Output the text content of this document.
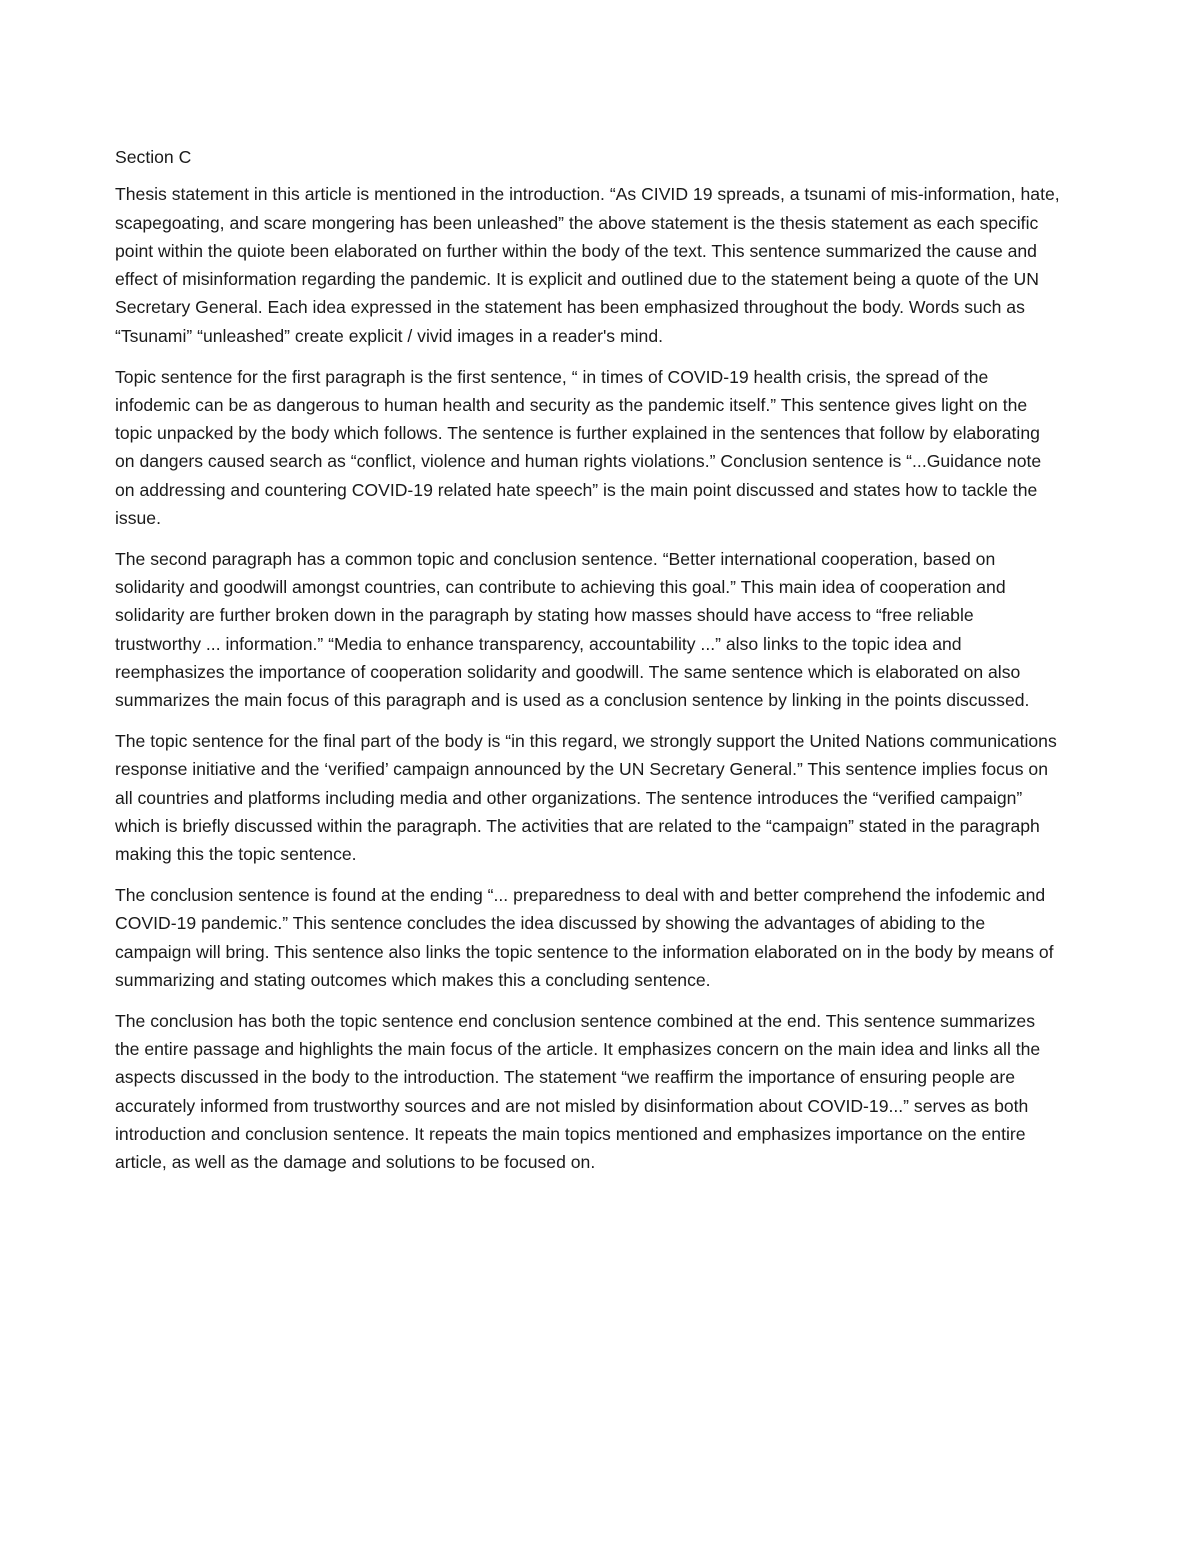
Section C

Thesis statement in this article is mentioned in the introduction. “As CIVID 19 spreads, a tsunami of mis-information, hate, scapegoating, and scare mongering has been unleashed” the above statement is the thesis statement as each specific point within the quiote been elaborated on further within the body of the text. This sentence summarized the cause and effect of misinformation regarding the pandemic. It is explicit and outlined due to the statement being a quote of the UN Secretary General. Each idea expressed in the statement has been emphasized throughout the body. Words such as “Tsunami” “unleashed” create explicit / vivid images in a reader's mind.

Topic sentence for the first paragraph is the first sentence, “ in times of COVID-19 health crisis, the spread of the infodemic can be as dangerous to human health and security as the pandemic itself.” This sentence gives light on the topic unpacked by the body which follows. The sentence is further explained in the sentences that follow by elaborating on dangers caused search as “conflict, violence and human rights violations.” Conclusion sentence is “...Guidance note on addressing and countering COVID-19 related hate speech” is the main point discussed and states how to tackle the issue.

The second paragraph has a common topic and conclusion sentence. “Better international cooperation, based on solidarity and goodwill amongst countries, can contribute to achieving this goal.” This main idea of cooperation and solidarity are further broken down in the paragraph by stating how masses should have access to “free reliable trustworthy ... information.” “Media to enhance transparency, accountability ...” also links to the topic idea and reemphasizes the importance of cooperation solidarity and goodwill. The same sentence which is elaborated on also summarizes the main focus of this paragraph and is used as a conclusion sentence by linking in the points discussed.

The topic sentence for the final part of the body is “in this regard, we strongly support the United Nations communications response initiative and the ‘verified’ campaign announced by the UN Secretary General.” This sentence implies focus on all countries and platforms including media and other organizations. The sentence introduces the “verified campaign” which is briefly discussed within the paragraph. The activities that are related to the “campaign” stated in the paragraph making this the topic sentence.

The conclusion sentence is found at the ending “... preparedness to deal with and better comprehend the infodemic and COVID-19 pandemic.” This sentence concludes the idea discussed by showing the advantages of abiding to the campaign will bring. This sentence also links the topic sentence to the information elaborated on in the body by means of summarizing and stating outcomes which makes this a concluding sentence.

The conclusion has both the topic sentence end conclusion sentence combined at the end. This sentence summarizes the entire passage and highlights the main focus of the article. It emphasizes concern on the main idea and links all the aspects discussed in the body to the introduction. The statement “we reaffirm the importance of ensuring people are accurately informed from trustworthy sources and are not misled by disinformation about COVID-19...” serves as both introduction and conclusion sentence. It repeats the main topics mentioned and emphasizes importance on the entire article, as well as the damage and solutions to be focused on.
